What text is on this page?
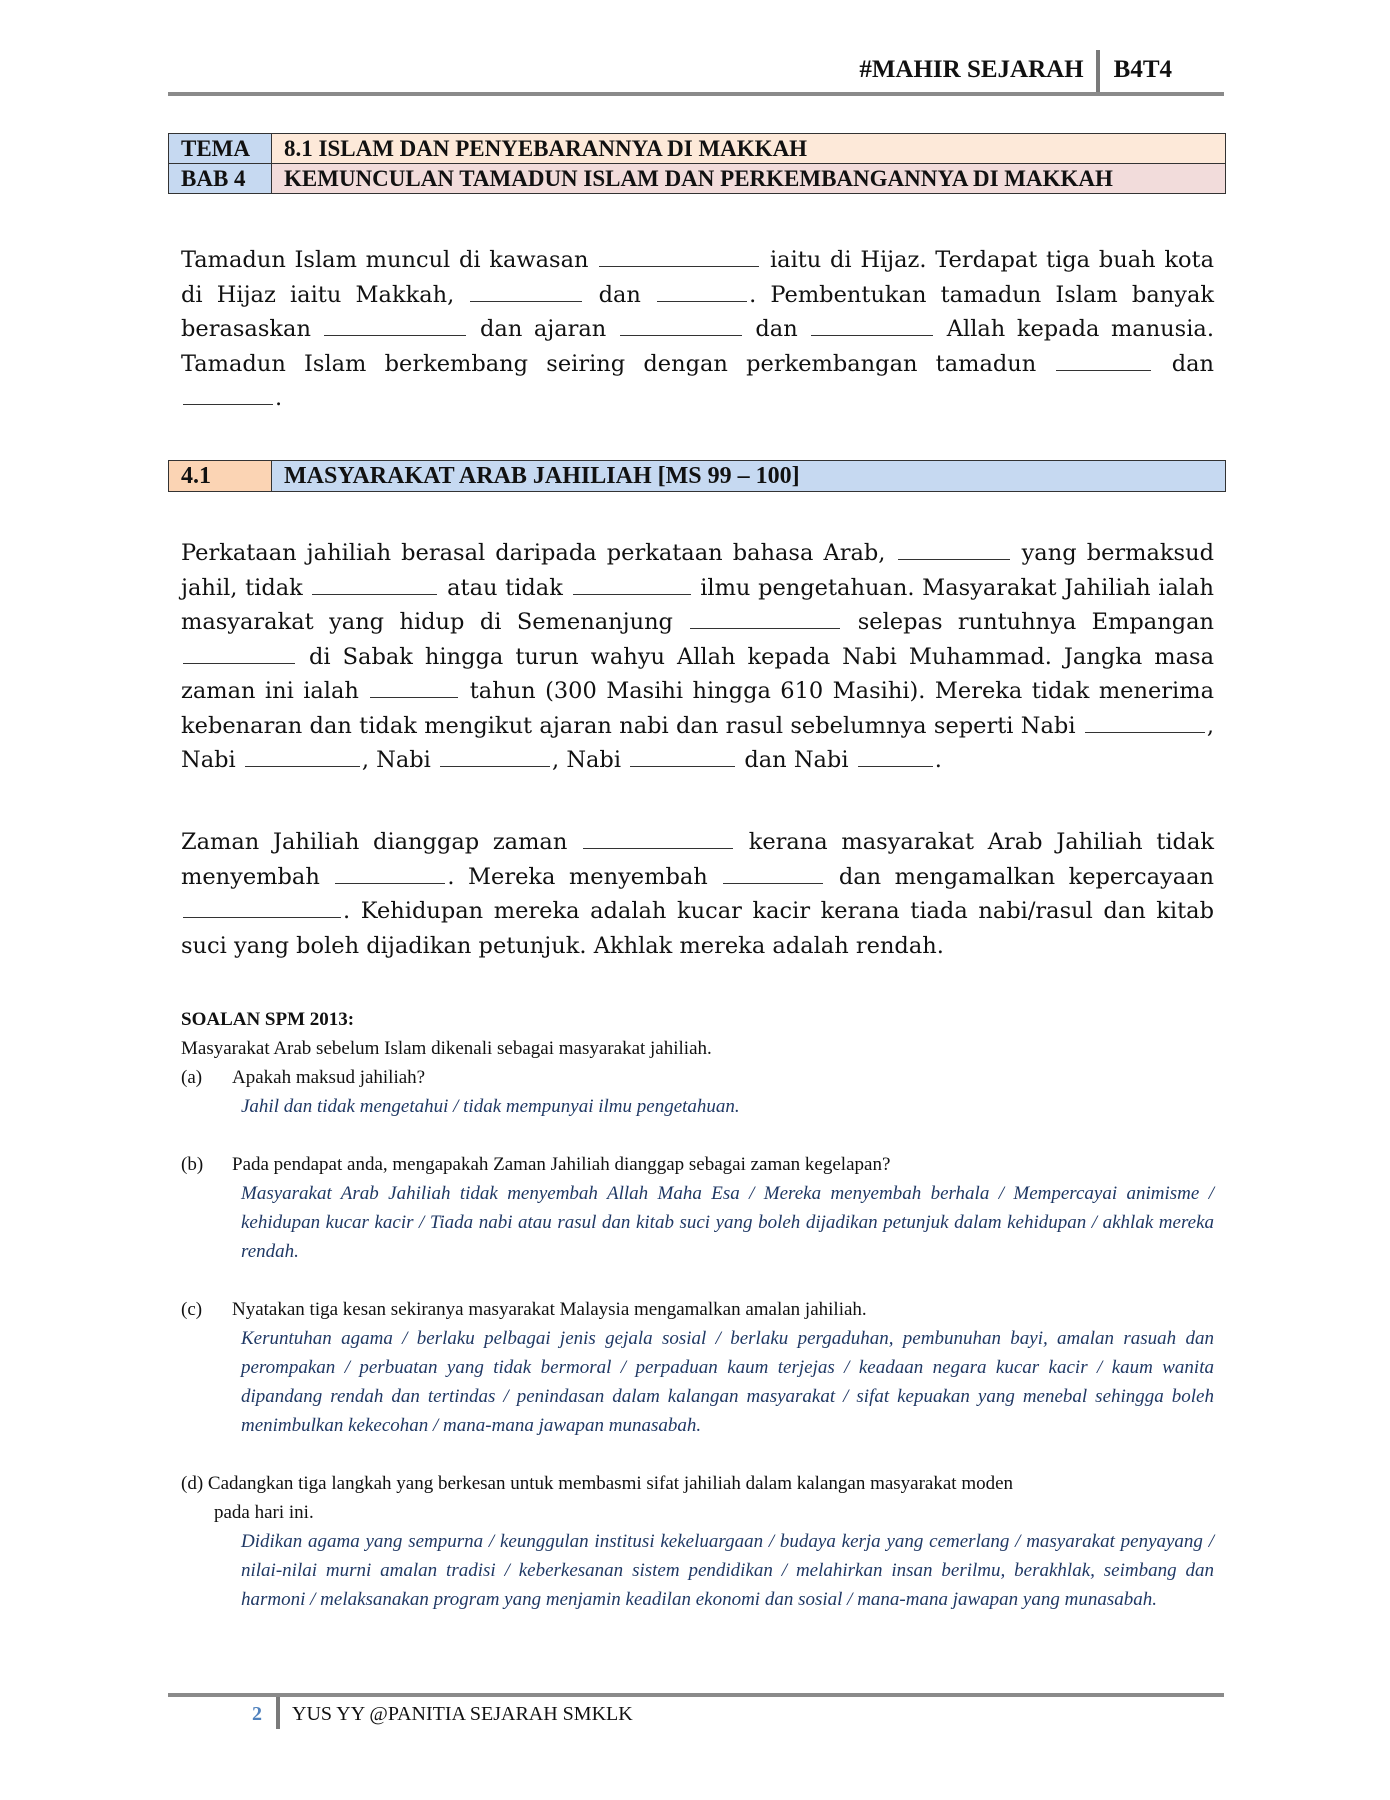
#MAHIR SEJARAH	B4T4
TEMA	8.1 ISLAM DAN PENYEBARANNYA DI MAKKAH
BAB 4	KEMUNCULAN TAMADUN ISLAM DAN PERKEMBANGANNYA DI MAKKAH

Tamadun Islam muncul di kawasan	iaitu di Hijaz. Terdapat tiga buah kota di Hijaz iaitu Makkah,	dan	. Pembentukan tamadun Islam banyak berasaskan	dan ajaran	dan	Allah kepada manusia. Tamadun Islam berkembang seiring dengan perkembangan tamadun	dan .

4.1	MASYARAKAT ARAB JAHILIAH [MS 99 – 100]

Perkataan jahiliah berasal daripada perkataan bahasa Arab,	yang bermaksud jahil, tidak	atau tidak	ilmu pengetahuan. Masyarakat Jahiliah ialah masyarakat yang hidup di Semenanjung	selepas runtuhnya Empangan  di Sabak hingga turun wahyu Allah kepada Nabi Muhammad. Jangka masa zaman ini ialah	tahun (300 Masihi hingga 610 Masihi). Mereka tidak menerima kebenaran dan tidak mengikut ajaran nabi dan rasul sebelumnya seperti Nabi	, Nabi	, Nabi	, Nabi	dan Nabi	.

Zaman Jahiliah dianggap zaman	kerana masyarakat Arab Jahiliah tidak menyembah	. Mereka menyembah	dan mengamalkan kepercayaan . Kehidupan mereka adalah kucar kacir kerana tiada nabi/rasul dan kitab suci yang boleh dijadikan petunjuk. Akhlak mereka adalah rendah.

SOALAN SPM 2013:
Masyarakat Arab sebelum Islam dikenali sebagai masyarakat jahiliah.
(a)	Apakah maksud jahiliah?
Jahil dan tidak mengetahui / tidak mempunyai ilmu pengetahuan.
(b)	Pada pendapat anda, mengapakah Zaman Jahiliah dianggap sebagai zaman kegelapan?
Masyarakat Arab Jahiliah tidak menyembah Allah Maha Esa / Mereka menyembah berhala / Mempercayai animisme / kehidupan kucar kacir / Tiada nabi atau rasul dan kitab suci yang boleh dijadikan petunjuk dalam kehidupan / akhlak mereka rendah.
(c)	Nyatakan tiga kesan sekiranya masyarakat Malaysia mengamalkan amalan jahiliah.
Keruntuhan agama / berlaku pelbagai jenis gejala sosial / berlaku pergaduhan, pembunuhan bayi, amalan rasuah dan perompakan / perbuatan yang tidak bermoral / perpaduan kaum terjejas / keadaan negara kucar kacir / kaum wanita dipandang rendah dan tertindas / penindasan dalam kalangan masyarakat / sifat kepuakan yang menebal sehingga boleh menimbulkan kekecohan / mana-mana jawapan munasabah.
(d) Cadangkan tiga langkah yang berkesan untuk membasmi sifat jahiliah dalam kalangan masyarakat moden
pada hari ini.
Didikan agama yang sempurna / keunggulan institusi kekeluargaan / budaya kerja yang cemerlang / masyarakat penyayang / nilai-nilai murni amalan tradisi / keberkesanan sistem pendidikan / melahirkan insan berilmu, berakhlak, seimbang dan harmoni / melaksanakan program yang menjamin keadilan ekonomi dan sosial / mana-mana jawapan yang munasabah.
2 YUS YY @PANITIA SEJARAH SMKLK
